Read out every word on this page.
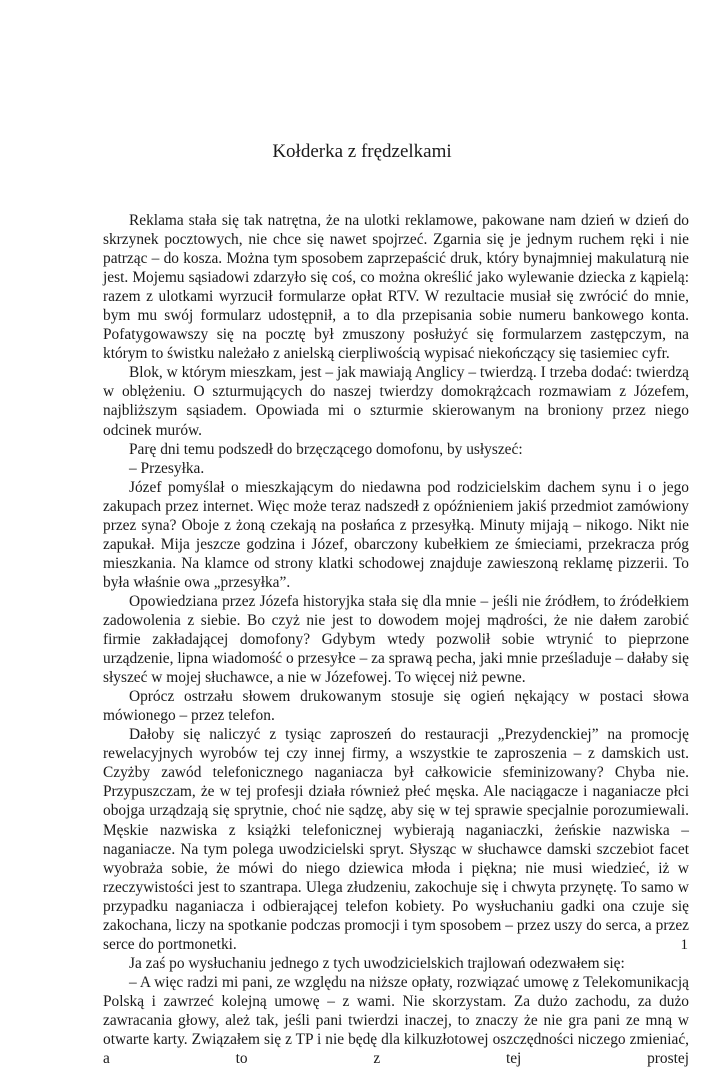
Kołderka z frędzelkami

Reklama stała się tak natrętna, że na ulotki reklamowe, pakowane nam dzień w dzień do skrzynek pocztowych, nie chce się nawet spojrzeć. Zgarnia się je jednym ruchem ręki i nie patrząc – do kosza. Można tym sposobem zaprzepaścić druk, który bynajmniej makulaturą nie jest. Mojemu sąsiadowi zdarzyło się coś, co można określić jako wylewanie dziecka z kąpielą: razem z ulotkami wyrzucił formularze opłat RTV. W rezultacie musiał się zwrócić do mnie, bym mu swój formularz udostępnił, a to dla przepisania sobie numeru bankowego konta. Pofatygowawszy się na pocztę był zmuszony posłużyć się formularzem zastępczym, na którym to świstku należało z anielską cierpliwością wypisać niekończący się tasiemiec cyfr.

Blok, w którym mieszkam, jest – jak mawiają Anglicy – twierdzą. I trzeba dodać: twierdzą w oblężeniu. O szturmujących do naszej twierdzy domokrążcach rozmawiam z Józefem, najbliższym sąsiadem. Opowiada mi o szturmie skierowanym na broniony przez niego odcinek murów.

Parę dni temu podszedł do brzęczącego domofonu, by usłyszeć:

– Przesyłka.

Józef pomyślał o mieszkającym do niedawna pod rodzicielskim dachem synu i o jego zakupach przez internet. Więc może teraz nadszedł z opóźnieniem jakiś przedmiot zamówiony przez syna? Oboje z żoną czekają na posłańca z przesyłką. Minuty mijają – nikogo. Nikt nie zapukał. Mija jeszcze godzina i Józef, obarczony kubełkiem ze śmieciami, przekracza próg mieszkania. Na klamce od strony klatki schodowej znajduje zawieszoną reklamę pizzerii. To była właśnie owa „przesyłka”.

Opowiedziana przez Józefa historyjka stała się dla mnie – jeśli nie źródłem, to źródełkiem zadowolenia z siebie. Bo czyż nie jest to dowodem mojej mądrości, że nie dałem zarobić firmie zakładającej domofony? Gdybym wtedy pozwolił sobie wtrynić to pieprzone urządzenie, lipna wiadomość o przesyłce – za sprawą pecha, jaki mnie prześladuje – dałaby się słyszeć w mojej słuchawce, a nie w Józefowej. To więcej niż pewne.

Oprócz ostrzału słowem drukowanym stosuje się ogień nękający w postaci słowa mówionego – przez telefon.

Dałoby się naliczyć z tysiąc zaproszeń do restauracji „Prezydenckiej” na promocję rewelacyjnych wyrobów tej czy innej firmy, a wszystkie te zaproszenia – z damskich ust. Czyżby zawód telefonicznego naganiacza był całkowicie sfeminizowany? Chyba nie. Przypuszczam, że w tej profesji działa również płeć męska. Ale naciągacze i naganiacze płci obojga urządzają się sprytnie, choć nie sądzę, aby się w tej sprawie specjalnie porozumiewali. Męskie nazwiska z książki telefonicznej wybierają naganiaczki, żeńskie nazwiska – naganiacze. Na tym polega uwodzicielski spryt. Słysząc w słuchawce damski szczebiot facet wyobraża sobie, że mówi do niego dziewica młoda i piękna; nie musi wiedzieć, iż w rzeczywistości jest to szantrapa. Ulega złudzeniu, zakochuje się i chwyta przynętę. To samo w przypadku naganiacza i odbierającej telefon kobiety. Po wysłuchaniu gadki ona czuje się zakochana, liczy na spotkanie podczas promocji i tym sposobem – przez uszy do serca, a przez serce do portmonetki.

Ja zaś po wysłuchaniu jednego z tych uwodzicielskich trajlowań odezwałem się:

– A więc radzi mi pani, ze względu na niższe opłaty, rozwiązać umowę z Telekomunikacją Polską i zawrzeć kolejną umowę – z wami. Nie skorzystam. Za dużo zachodu, za dużo zawracania głowy, ależ tak, jeśli pani twierdzi inaczej, to znaczy że nie gra pani ze mną w otwarte karty. Związałem się z TP i nie będę dla kilkuzłotowej oszczędności niczego zmieniać, a to z tej prostej

1
